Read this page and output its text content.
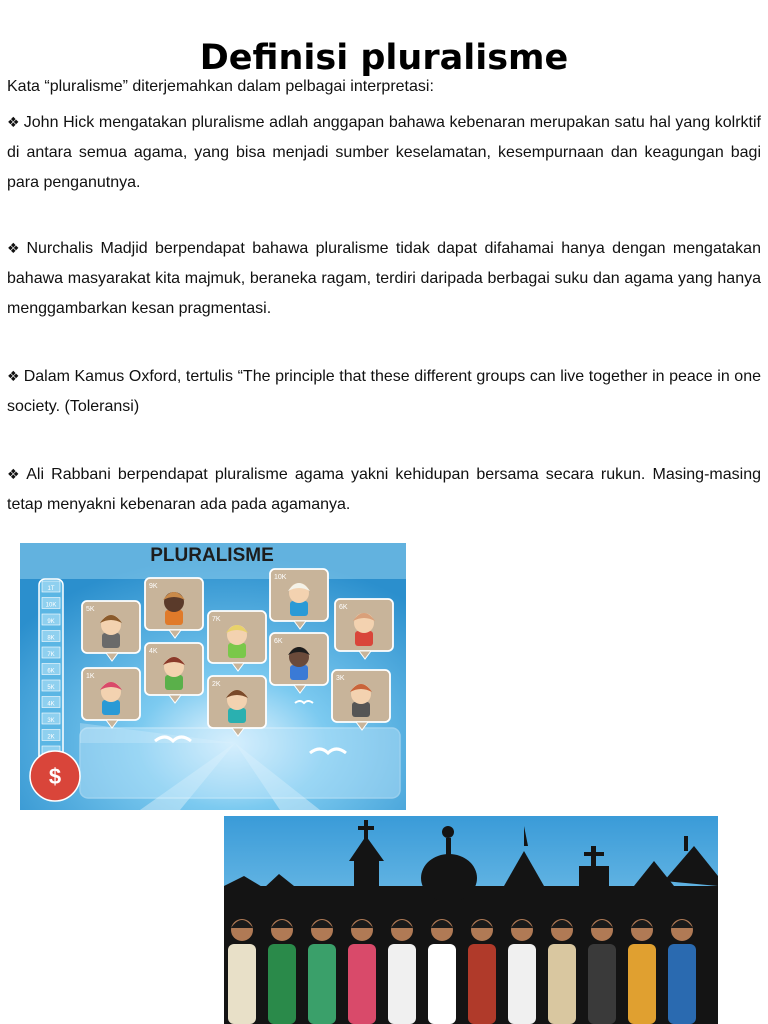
Definisi pluralisme
Kata “pluralisme” diterjemahkan dalam pelbagai interpretasi:

❖ John Hick mengatakan pluralisme adlah anggapan bahawa kebenaran merupakan satu hal yang kolrktif di antara semua agama, yang bisa menjadi sumber keselamatan, kesempurnaan dan keagungan bagi para penganutnya.

❖ Nurchalis Madjid berpendapat bahawa pluralisme tidak dapat difahamai hanya dengan mengatakan bahawa masyarakat kita majmuk, beraneka ragam, terdiri daripada berbagai suku dan agama yang hanya menggambarkan kesan pragmentasi.

❖ Dalam Kamus Oxford, tertulis “The principle that these different groups can live together in peace in one society. (Toleransi)

❖ Ali Rabbani berpendapat pluralisme agama yakni kehidupan bersama secara rukun. Masing-masing tetap menyakni kebenaran ada pada agamanya.

PLURALISME
1T
10K
9K
8K
7K
6K
5K
4K
3K
2K
$
9K
10K
5K
7K
6K
4K
6K
1K
2K
3K
